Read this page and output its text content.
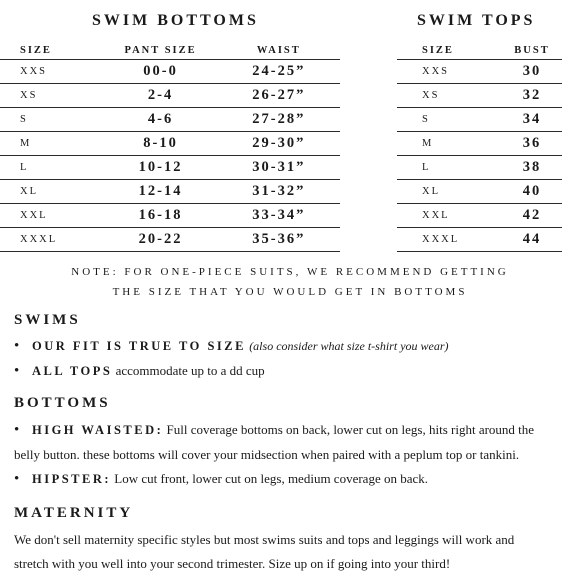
SWIM BOTTOMS	SWIM TOPS
SIZE	PANT SIZE	WAIST
XXS	00-0	24-25”
XS	2-4	26-27”
S	4-6	27-28”
M	8-10	29-30”
L	10-12	30-31”
XL	12-14	31-32”
XXL	16-18	33-34”
XXXL	20-22	35-36”
SIZE	BUST
XXS	30
XS	32
S	34
M	36
L	38
XL	40
XXL	42
XXXL	44
NOTE: FOR ONE-PIECE SUITS, WE RECOMMEND GETTING
THE SIZE THAT YOU WOULD GET IN BOTTOMS
SWIMS
• OUR FIT IS TRUE TO SIZE (also consider what size t-shirt you wear)
• ALL TOPS accommodate up to a dd cup
BOTTOMS
• HIGH WAISTED: Full coverage bottoms on back, lower cut on legs, hits right around the
belly button. these bottoms will cover your midsection when paired with a peplum top or tankini.
• HIPSTER: Low cut front, lower cut on legs, medium coverage on back.
MATERNITY
We don't sell maternity specific styles but most swims suits and tops and leggings will work and
stretch with you well into your second trimester. Size up on if going into your third!
